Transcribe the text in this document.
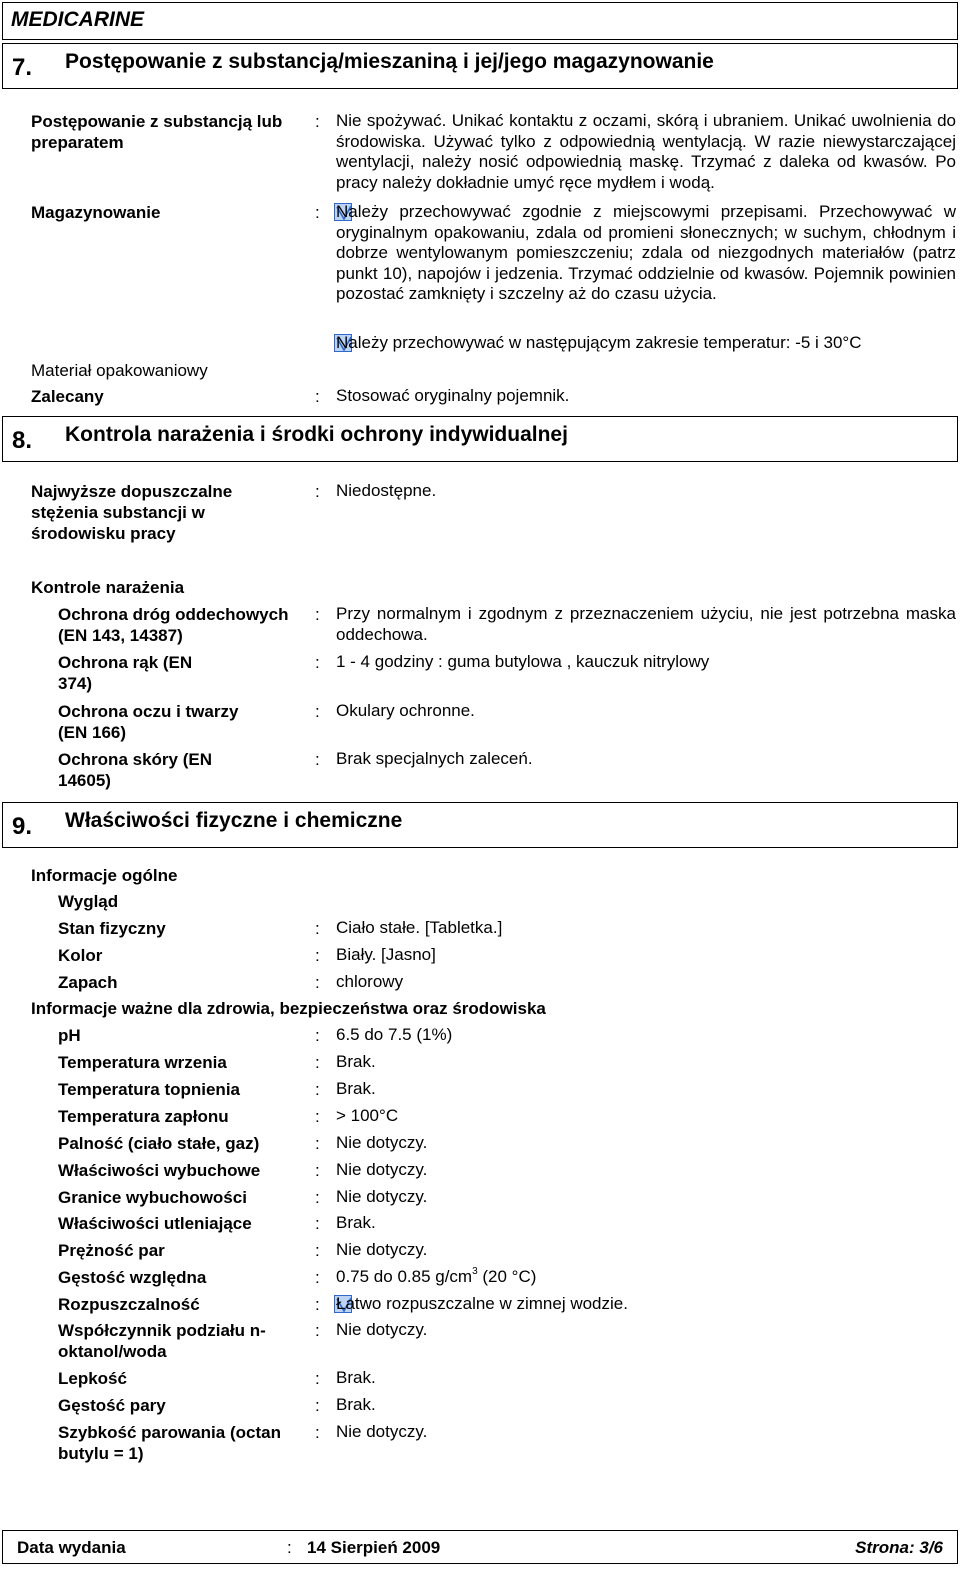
MEDICARINE
7. Postępowanie z substancją/mieszaniną i jej/jego magazynowanie
Postępowanie z substancją lub preparatem
: Nie spożywać. Unikać kontaktu z oczami, skórą i ubraniem. Unikać uwolnienia do środowiska. Używać tylko z odpowiednią wentylacją. W razie niewystarczającej wentylacji, należy nosić odpowiednią maskę. Trzymać z daleka od kwasów. Po pracy należy dokładnie umyć ręce mydłem i wodą.
Magazynowanie	: Należy przechowywać zgodnie z miejscowymi przepisami. Przechowywać w oryginalnym opakowaniu, zdala od promieni słonecznych; w suchym, chłodnym i dobrze wentylowanym pomieszczeniu; zdala od niezgodnych materiałów (patrz punkt 10), napojów i jedzenia. Trzymać oddzielnie od kwasów. Pojemnik powinien pozostać zamknięty i szczelny aż do czasu użycia.
Należy przechowywać w następującym zakresie temperatur: -5 i 30°C
Materiał opakowaniowy
Zalecany	: Stosować oryginalny pojemnik.
8. Kontrola narażenia i środki ochrony indywidualnej
Najwyższe dopuszczalne stężenia substancji w środowisku pracy
: Niedostępne.
Kontrole narażenia
Ochrona dróg oddechowych (EN 143, 14387)
: Przy normalnym i zgodnym z przeznaczeniem użyciu, nie jest potrzebna maska oddechowa.
Ochrona rąk (EN 374)
: 1 - 4 godziny : guma butylowa , kauczuk nitrylowy
Ochrona oczu i twarzy (EN 166)
: Okulary ochronne.
Ochrona skóry (EN 14605)
: Brak specjalnych zaleceń.
9. Właściwości fizyczne i chemiczne
Informacje ogólne
Wygląd
Stan fizyczny	: Ciało stałe. [Tabletka.]
Kolor	: Biały. [Jasno]
Zapach	: chlorowy
Informacje ważne dla zdrowia, bezpieczeństwa oraz środowiska
pH	: 6.5 do 7.5 (1%)
Temperatura wrzenia	: Brak.
Temperatura topnienia	: Brak.
Temperatura zapłonu	: > 100°C
Palność (ciało stałe, gaz)	: Nie dotyczy.
Właściwości wybuchowe	: Nie dotyczy.
Granice wybuchowości	: Nie dotyczy.
Właściwości utleniające	: Brak.
Prężność par	: Nie dotyczy.
Gęstość względna	: 0.75 do 0.85 $g/cm^3$ (20 °C)
Rozpuszczalność	: Łatwo rozpuszczalne w zimnej wodzie.
Współczynnik podziału n-oktanol/woda
: Nie dotyczy.
Lepkość	: Brak.
Gęstość pary	: Brak.
Szybkość parowania (octan butylu = 1)
: Nie dotyczy.
Data wydania	: 14 Sierpień 2009	Strona: 3/6
